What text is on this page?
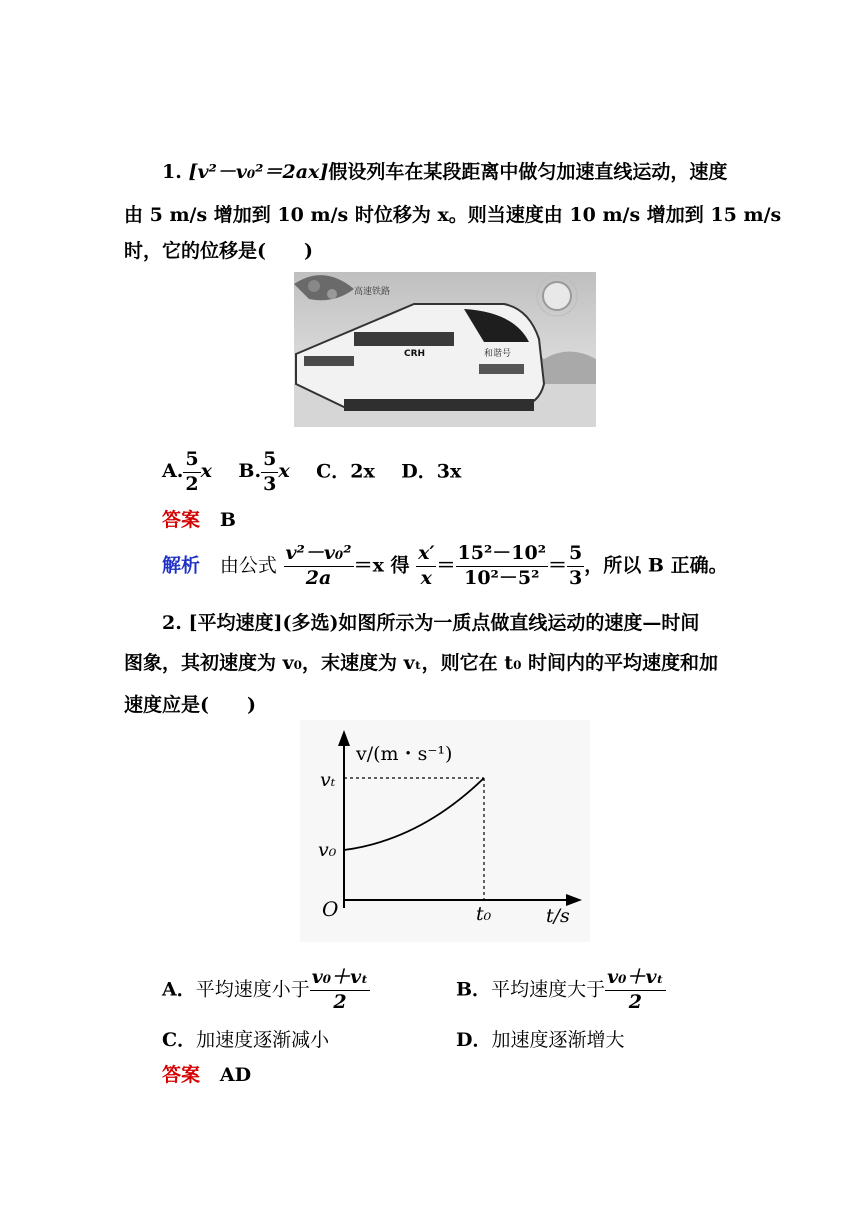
1. [v²－v₀²＝2ax]假设列车在某段距离中做匀加速直线运动，速度
由 5 m/s 增加到 10 m/s 时位移为 x。则当速度由 10 m/s 增加到 15 m/s
时，它的位移是(　　)
高速铁路
CRH	和谐号
A. $\frac{5}{2}$ x B. $\frac{5}{3}$ x C．2x D．3x
答案 B
解析 由公式 $\frac{\text{v²－v₀²}}{2a} =x$ 得 $\frac{x'}{x} = \frac{\text{15²－10²}}{\text{10²－5²}} = \frac{5}{3}$ ，所以 B 正确。
2. [平均速度](多选)如图所示为一质点做直线运动的速度—时间
图象，其初速度为 v₀，末速度为 vₜ，则它在 t₀ 时间内的平均速度和加
速度应是(　　)
v/(m・s⁻¹)
vₜ
v₀
O	t₀	t/s
A．平均速度小于 $\frac{\text{v₀＋vₜ}}{2}$	B．平均速度大于 $\frac{\text{v₀＋vₜ}}{2}$
C．加速度逐渐减小	D．加速度逐渐增大
答案 AD
